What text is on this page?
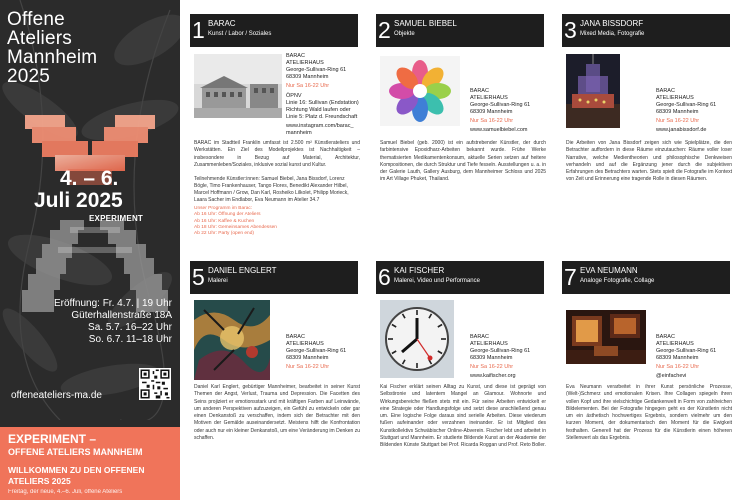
Offene
Ateliers
Mannheim
2025
4. – 6.
Juli 2025
EXPERIMENT
Eröffnung: Fr. 4.7. | 19 Uhr
Güterhallenstraße 18A
Sa. 5.7. 16–22 Uhr
So. 6.7. 11–18 Uhr
offeneateliers-ma.de
EXPERIMENT –
OFFENE ATELIERS MANNHEIM
WILLKOMMEN ZU DEN OFFENEN ATELIERS 2025
Freitag, der neue, 4.–6. Juli, offene Ateliers
1 BARAC
Kunst / Labor / Soziales
BARAC
ATELIERHAUS
George-Sullivan-Ring 61
68309 Mannheim
Nur Sa 16-22 Uhr
ÖPNV
Linie 16: Sullivan (Endstation)
Richtung Wald laufen oder
Linie 5: Platz d. Freundschaft
www.instagram.com/barac_
mannheim
BARAC im Stadtteil Franklin umfasst ist 2.500 m² Künstlerateliers und Werkstätten. Ein Ziel des Modellprojektes ist Nachhaltigkeit – insbesondere in Bezug auf Material, Architektur, Zusammenleben/Soziales, inklusive sozial kunst und Kultur.
Teilnehmende Künstler:innen: Samuel Biebel, Jana Bissdorf, Lorenz Bögle, Timo Frankenhauser, Tango Flores, Benedikt Alexander Hilbel, Marcel Hoffmann / Grow, Dan Karl, Rosheiko Lilkolet, Philipp Morieck, Laara Sacher im Endlabor, Eva Neumann im Atelier 34.7
Unser Programm im Barac:
Ab 16 Uhr: Öffnung der Ateliers
Ab 16 Uhr: Kaffee & Kuchen
Ab 18 Uhr: Gemeinsames Abendessen
Ab 22 Uhr: Party (open end)
2 SAMUEL BIEBEL
Objekte
BARAC
ATELIERHAUS
George-Sullivan-Ring 61
68309 Mannheim
Nur Sa 16-22 Uhr
www.samuelbiebel.com
Samuel Biebel (geb. 2000) ist ein aufstrebender Künstler, der durch farbintensive Epoxidharz-Arbeiten bekannt wurde. Frühe Werke thematisierten Medikamentenkonsum, aktuelle Serien setzen auf heitere Kompositionen, die durch Struktur und Tiefe fesseln. Ausstellungen u. a. in der Galerie Lauth, Gallery Ausburg, dem Mannheimer Schloss und 2025 im Art Village Phuket, Thailand.
3 JANA BISSDORF
Mixed Media, Fotografie
BARAC
ATELIERHAUS
George-Sullivan-Ring 61
68309 Mannheim
Nur Sa 16-22 Uhr
www.janabissdorf.de
Die Arbeiten von Jana Bissdorf zeigen sich wie Spielplätze, die den Betrachter auffordern in diese Räume einzutauchen: Räume voller loser Narrative, welche Medientheorien und philosophische Denkweisen verhandeln und auf die Ergänzung jener durch die subjektiven Erfahrungen des Betrachters warten. Stets spielt die Fotografie im Kontext von Zeit und Erinnerung eine tragende Rolle in diesen Räumen.
5 DANIEL ENGLERT
Malerei
BARAC
ATELIERHAUS
George-Sullivan-Ring 61
68309 Mannheim
Nur Sa 16-22 Uhr
Daniel Karl Englert, gebürtiger Mannheimer, bearbeitet in seiner Kunst Themen der Angst, Verlust, Trauma und Depression. Die Facetten des Seins projiziert er emotionsstark und mit kräftigen Farben auf Leinwände, um anderen Perspektiven aufzuzeigen, ein Gefühl zu entwickeln oder gar einen Denkanstoß zu verschaffen, indem sich der Betrachter mit den Motiven der Gemälde auseinandersetzt. Meistens hilft die Konfrontation oder auch nur ein kleiner Denkanstoß, um eine Veränderung im Denken zu schaffen.
6 KAI FISCHER
Malerei, Video und Performance
BARAC
ATELIERHAUS
George-Sullivan-Ring 61
68309 Mannheim
Nur Sa 16-22 Uhr
www.kaifischer.org
Kai Fischer erklärt seinen Alltag zu Kunst, und diese ist geprägt von Selbstironie und latentem Mangel an Glamour. Wohnorte und Wirkungsbereiche fließen stets mit ein. Für seine Arbeiten entwickelt er eine Strategie oder Handlungsfolge und setzt diese anschließend genau um. Eine logische Folge daraus sind serielle Arbeiten. Diese wiederum fußen aufeinander oder verzahnen ineinander. Er ist Mitglied des Kunstkollektivs Schwäbischer Online-Abverein. Fischer lebt und arbeitet in Stuttgart und Mannheim. Er studierte Bildende Kunst an der Akademie der Bildenden Künste Stuttgart bei Prof. Ricarda Roggan und Prof. Reto Boller.
7 EVA NEUMANN
Analoge Fotografie, Collage
BARAC
ATELIERHAUS
George-Sullivan-Ring 61
68309 Mannheim
Nur Sa 16-22 Uhr
@einfachevi
Eva Neumann verarbeitet in ihrer Kunst persönliche Prozesse, (Welt-)Schmerz und emotionalen Krisen. Ihre Collagen spiegeln ihren vollen Kopf und ihre vielschichtige Gedankenwelt in Form von zahlreichen Bildelementen. Bei der Fotografie hingegen geht es der Künstlerin nicht um ein ästhetisch hochwertiges Ergebnis, sondern vielmehr um den kurzen Moment, der dokumentarisch den Moment für die Ewigkeit festhalten. Generell hat der Prozess für die Künstlerin einen höheren Stellenwert als das Ergebnis.
